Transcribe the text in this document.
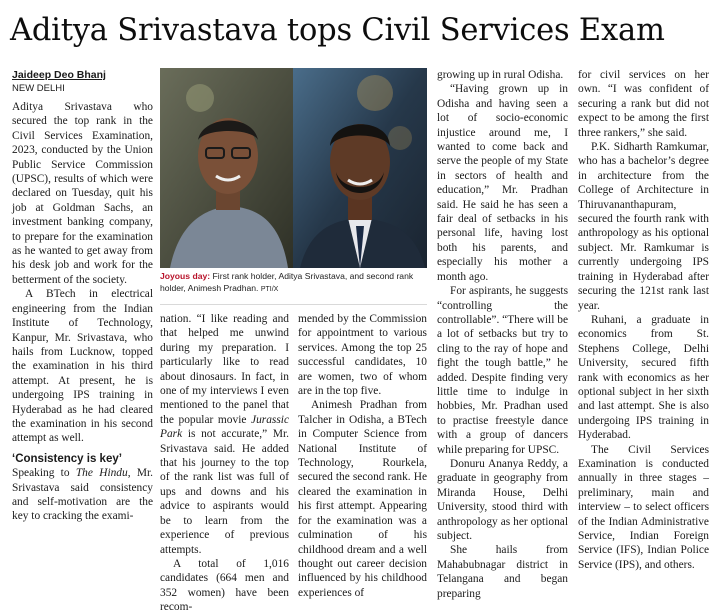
Aditya Srivastava tops Civil Services Exam
Jaideep Deo Bhanj
NEW DELHI

Aditya Srivastava who secured the top rank in the Civil Services Examination, 2023, conducted by the Union Public Service Commission (UPSC), results of which were declared on Tuesday, quit his job at Goldman Sachs, an investment banking company, to prepare for the examination as he wanted to get away from his desk job and work for the betterment of the society.

A BTech in electrical engineering from the Indian Institute of Technology, Kanpur, Mr. Srivastava, who hails from Lucknow, topped the examination in his third attempt. At present, he is undergoing IPS training in Hyderabad as he had cleared the examination in his second attempt as well.

‘Consistency is key’

Speaking to The Hindu, Mr. Srivastava said consistency and self-motivation are the key to cracking the exami-

Joyous day: First rank holder, Aditya Srivastava, and second rank holder, Animesh Pradhan. PTI/X

nation. “I like reading and that helped me unwind during my preparation. I particularly like to read about dinosaurs. In fact, in one of my interviews I even mentioned to the panel that the popular movie Jurassic Park is not accurate,” Mr. Srivastava said. He added that his journey to the top of the rank list was full of ups and downs and his advice to aspirants would be to learn from the experience of previous attempts.

A total of 1,016 candidates (664 men and 352 women) have been recom-

mended by the Commission for appointment to various services. Among the top 25 successful candidates, 10 are women, two of whom are in the top five.

Animesh Pradhan from Talcher in Odisha, a BTech in Computer Science from National Institute of Technology, Rourkela, secured the second rank. He cleared the examination in his first attempt. Appearing for the examination was a culmination of his childhood dream and a well thought out career decision influenced by his childhood experiences of

growing up in rural Odisha.

“Having grown up in Odisha and having seen a lot of socio-economic injustice around me, I wanted to come back and serve the people of my State in sectors of health and education,” Mr. Pradhan said. He said he has seen a fair deal of setbacks in his personal life, having lost both his parents, and especially his mother a month ago.

For aspirants, he suggests “controlling the controllable”. “There will be a lot of setbacks but try to cling to the ray of hope and fight the tough battle,” he added. Despite finding very little time to indulge in hobbies, Mr. Pradhan used to practise freestyle dance with a group of dancers while preparing for UPSC.

Donuru Ananya Reddy, a graduate in geography from Miranda House, Delhi University, stood third with anthropology as her optional subject.

She hails from Mahabubnagar district in Telangana and began preparing

for civil services on her own. “I was confident of securing a rank but did not expect to be among the first three rankers,” she said.

P.K. Sidharth Ramkumar, who has a bachelor’s degree in architecture from the College of Architecture in Thiruvananthapuram, secured the fourth rank with anthropology as his optional subject. Mr. Ramkumar is currently undergoing IPS training in Hyderabad after securing the 121st rank last year.

Ruhani, a graduate in economics from St. Stephens College, Delhi University, secured fifth rank with economics as her optional subject in her sixth and last attempt. She is also undergoing IPS training in Hyderabad.

The Civil Services Examination is conducted annually in three stages – preliminary, main and interview – to select officers of the Indian Administrative Service, Indian Foreign Service (IFS), Indian Police Service (IPS), and others.
